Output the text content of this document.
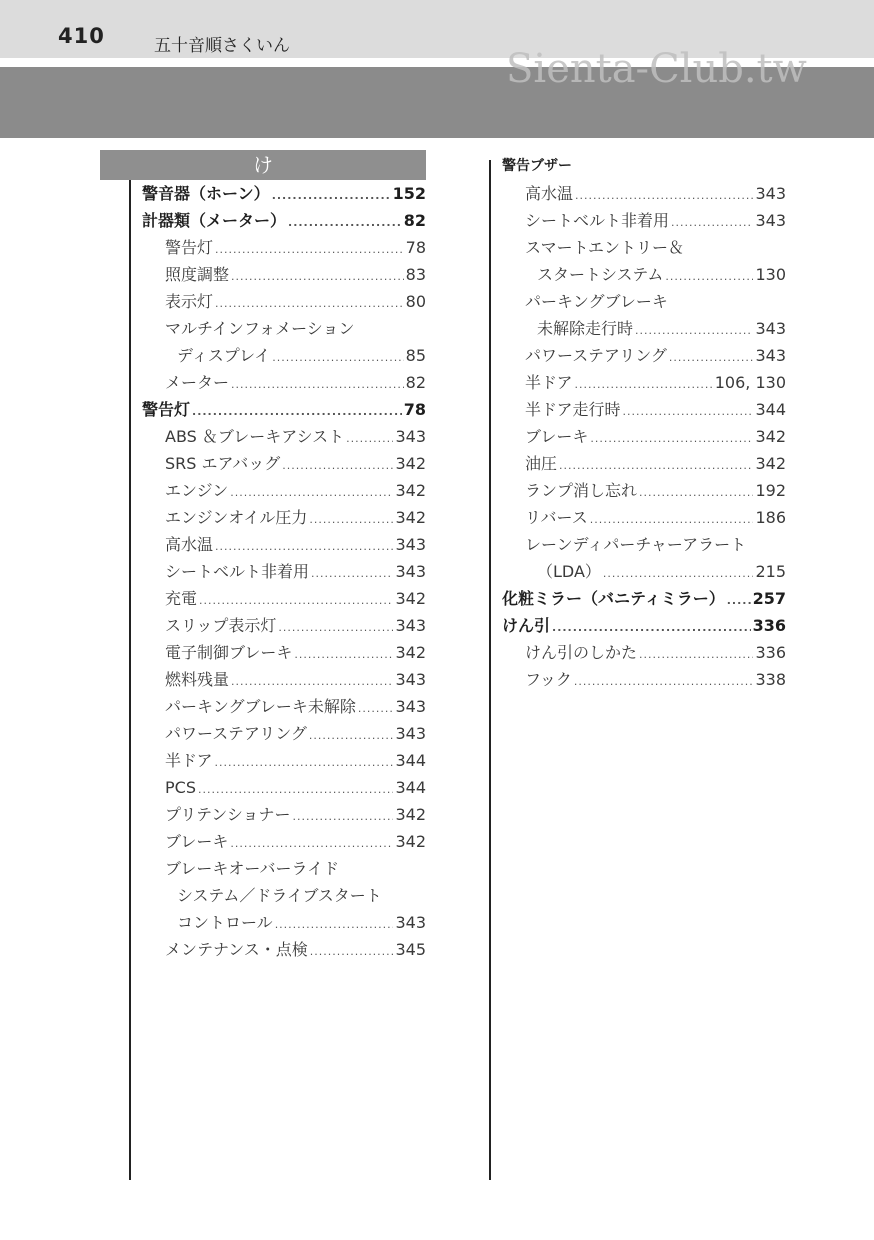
410	五十音順さくいん	Sienta-Club.tw
け
警音器（ホーン） .....	152
計器類（メーター） .....	82
警告灯 .....	78
照度調整 .....	83
表示灯 .....	80
マルチインフォメーション
ディスプレイ .....	85
メーター .....	82
警告灯 .....	78
ABS ＆ブレーキアシスト .....	343
SRS エアバッグ .....	342
エンジン .....	342
エンジンオイル圧力 .....	342
高水温 .....	343
シートベルト非着用 .....	343
充電 .....	342
スリップ表示灯 .....	343
電子制御ブレーキ .....	342
燃料残量 .....	343
パーキングブレーキ未解除 ..... 343
パワーステアリング .....	343
半ドア .....	344
PCS .....	344
プリテンショナー .....	342
ブレーキ .....	342
ブレーキオーバーライド
システム／ドライブスタート
コントロール .....	343
メンテナンス・点検 .....	345
警告ブザー
高水温 .....	343
シートベルト非着用 .....	343
スマートエントリー＆
スタートシステム .....	130
パーキングブレーキ
未解除走行時 .....	343
パワーステアリング .....	343
半ドア .....	106, 130
半ドア走行時 .....	344
ブレーキ .....	342
油圧 .....	342
ランプ消し忘れ .....	192
リバース .....	186
レーンディパーチャーアラート
（LDA） .....	215
化粧ミラー（バニティミラー） ..... 257
けん引 .....	336
けん引のしかた .....	336
フック .....	338
